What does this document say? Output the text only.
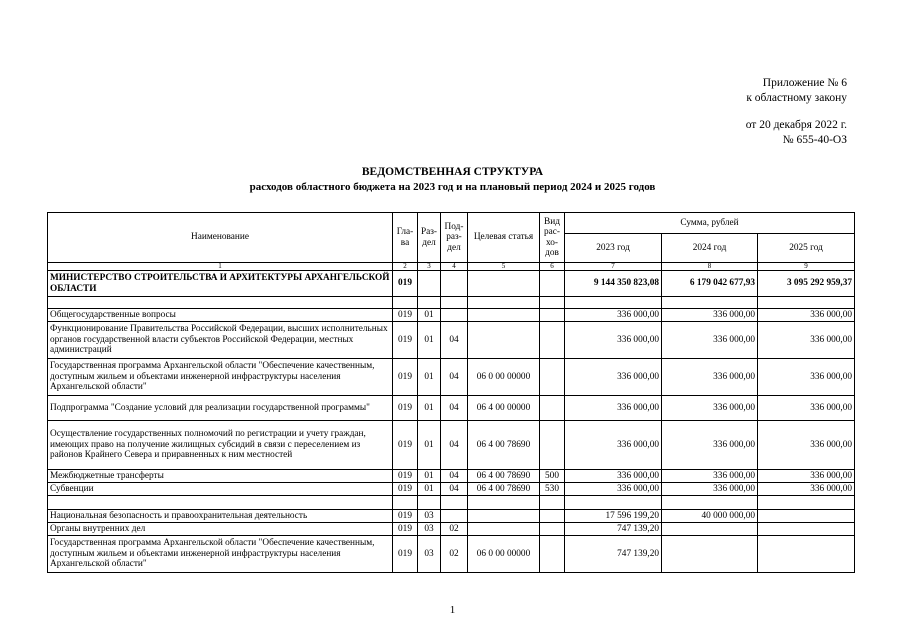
Приложение № 6
к областному закону
от 20 декабря 2022 г.
№ 655-40-ОЗ
ВЕДОМСТВЕННАЯ СТРУКТУРА
расходов областного бюджета на 2023 год и на плановый период 2024 и 2025 годов
Наименование	Гла-ва	Раз-дел	Под-раз-дел	Целевая статья	Вид рас-хо-дов	Сумма, рублей		
						2023 год	2024 год	2025 год
1	2	3	4	5	6	7	8	9
МИНИСТЕРСТВО СТРОИТЕЛЬСТВА И АРХИТЕКТУРЫ АРХАНГЕЛЬСКОЙ ОБЛАСТИ	019					9 144 350 823,08	6 179 042 677,93	3 095 292 959,37

Общегосударственные вопросы	019	01				336 000,00	336 000,00	336 000,00
Функционирование Правительства Российской Федерации, высших исполнительных органов государственной власти субъектов Российской Федерации, местных администраций	019	01	04			336 000,00	336 000,00	336 000,00
Государственная программа Архангельской области "Обеспечение качественным, доступным жильем и объектами инженерной инфраструктуры населения Архангельской области"	019	01	04	06 0 00 00000		336 000,00	336 000,00	336 000,00
Подпрограмма "Создание условий для реализации государственной программы"	019	01	04	06 4 00 00000		336 000,00	336 000,00	336 000,00
Осуществление государственных полномочий по регистрации и учету граждан, имеющих право на получение жилищных субсидий в связи с переселением из районов Крайнего Севера и приравненных к ним местностей	019	01	04	06 4 00 78690		336 000,00	336 000,00	336 000,00
Межбюджетные трансферты	019	01	04	06 4 00 78690	500	336 000,00	336 000,00	336 000,00
Субвенции	019	01	04	06 4 00 78690	530	336 000,00	336 000,00	336 000,00

Национальная безопасность и правоохранительная деятельность	019	03				17 596 199,20	40 000 000,00	
Органы внутренних дел	019	03	02			747 139,20		
Государственная программа Архангельской области "Обеспечение качественным, доступным жильем и объектами инженерной инфраструктуры населения Архангельской области"	019	03	02	06 0 00 00000		747 139,20		
1
